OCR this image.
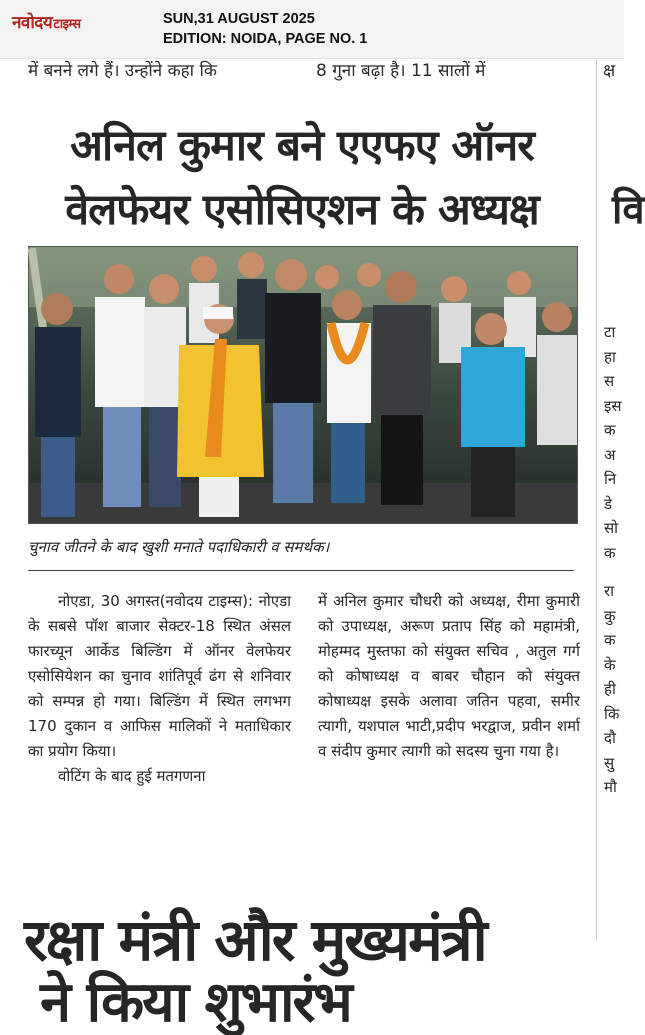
नवोदयटाइम्स	SUN,31 AUGUST 2025
EDITION: NOIDA, PAGE NO. 1
में बनने लगे हैं। उन्होंने कहा कि	8 गुना बढ़ा है। 11 सालों में	क्ष
वि
अनिल कुमार बने एएफए ऑनर
वेलफेयर एसोसिएशन के अध्यक्ष
चुनाव जीतने के बाद खुशी मनाते पदाधिकारी व समर्थक।

नोएडा, 30 अगस्त(नवोदय टाइम्स): नोएडा के सबसे पॉश बाजार सेक्टर-18 स्थित अंसल फारच्यून आर्केड बिल्डिंग में ऑनर वेलफेयर एसोसियेशन का चुनाव शांतिपूर्व ढंग से शनिवार को सम्पन्न हो गया। बिल्डिंग में स्थित लगभग 170 दुकान व आफिस मालिकों ने मताधिकार का प्रयोग किया।

वोटिंग के बाद हुई मतगणना

में अनिल कुमार चौधरी को अध्यक्ष, रीमा कुमारी को उपाध्यक्ष, अरूण प्रताप सिंह को महामंत्री, मोहम्मद मुस्तफा को संयुक्त सचिव , अतुल गर्ग को कोषाध्यक्ष व बाबर चौहान को संयुक्त कोषाध्यक्ष इसके अलावा जतिन पहवा, समीर त्यागी, यशपाल भाटी,प्रदीप भरद्वाज, प्रवीन शर्मा व संदीप कुमार त्यागी को सदस्य चुना गया है।

टा
हा
स
इस
क
अ
नि
डे
सो
क
रा
कु
क
के
ही
कि
दौ
सु
मौ
रक्षा मंत्री और मुख्यमंत्री
ने किया शुभारंभ
